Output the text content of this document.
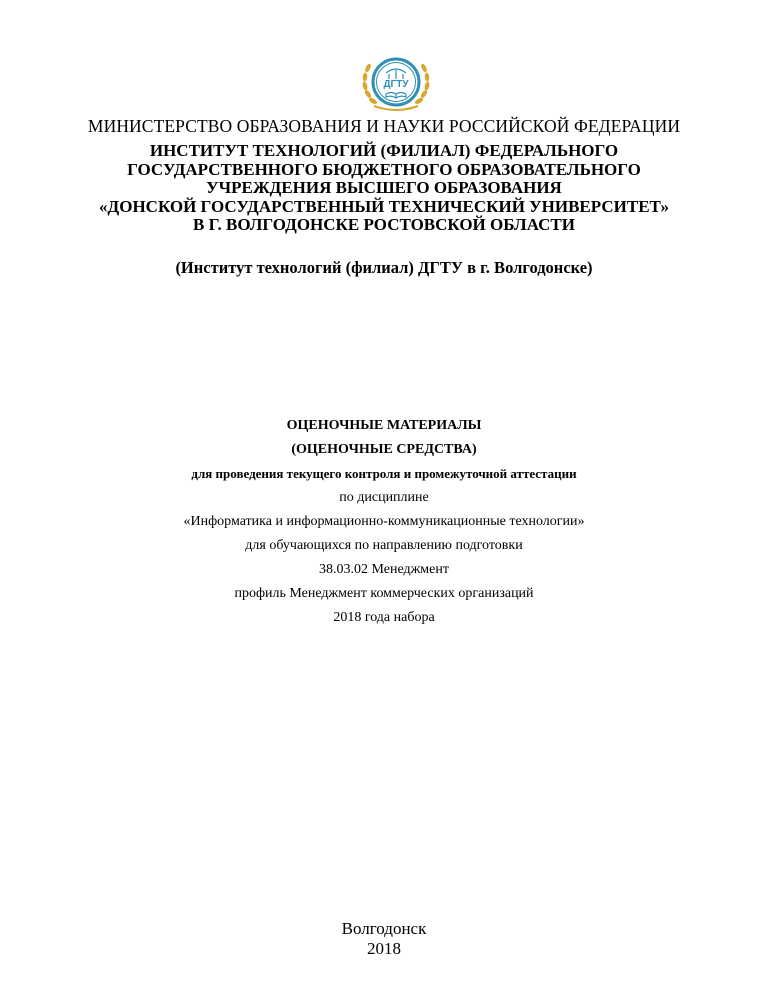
ДГТУ
МИНИСТЕРСТВО ОБРАЗОВАНИЯ И НАУКИ РОССИЙСКОЙ ФЕДЕРАЦИИ
ИНСТИТУТ ТЕХНОЛОГИЙ (ФИЛИАЛ) ФЕДЕРАЛЬНОГО
ГОСУДАРСТВЕННОГО БЮДЖЕТНОГО ОБРАЗОВАТЕЛЬНОГО
УЧРЕЖДЕНИЯ ВЫСШЕГО ОБРАЗОВАНИЯ
«ДОНСКОЙ ГОСУДАРСТВЕННЫЙ ТЕХНИЧЕСКИЙ УНИВЕРСИТЕТ»
В Г. ВОЛГОДОНСКЕ РОСТОВСКОЙ ОБЛАСТИ
(Институт технологий (филиал) ДГТУ в г. Волгодонске)
ОЦЕНОЧНЫЕ МАТЕРИАЛЫ
(ОЦЕНОЧНЫЕ СРЕДСТВА)
для проведения текущего контроля и промежуточной аттестации
по дисциплине
«Информатика и информационно-коммуникационные технологии»
для обучающихся по направлению подготовки
38.03.02 Менеджмент
профиль Менеджмент коммерческих организаций
2018 года набора
Волгодонск
2018
